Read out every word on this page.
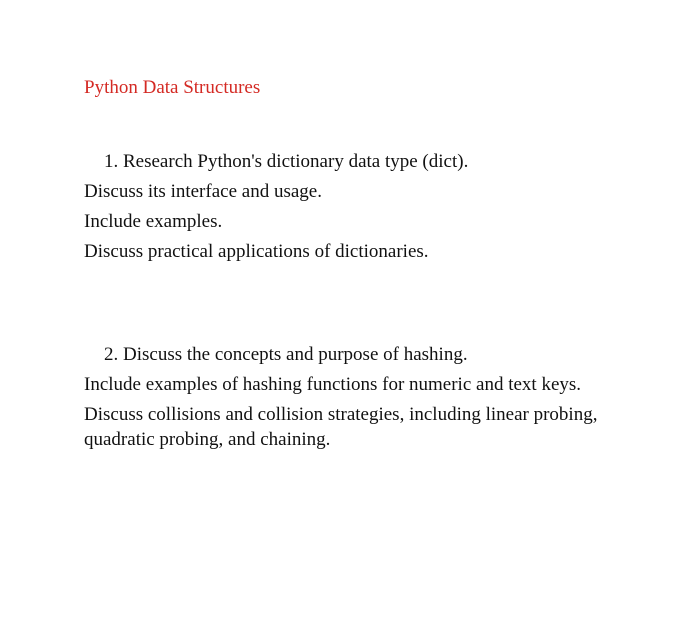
Python Data Structures
1. Research Python's dictionary data type (dict).
Discuss its interface and usage.
Include examples.
Discuss practical applications of dictionaries.
2. Discuss the concepts and purpose of hashing.
Include examples of hashing functions for numeric and text keys.
Discuss collisions and collision strategies, including linear probing, quadratic probing, and chaining.
